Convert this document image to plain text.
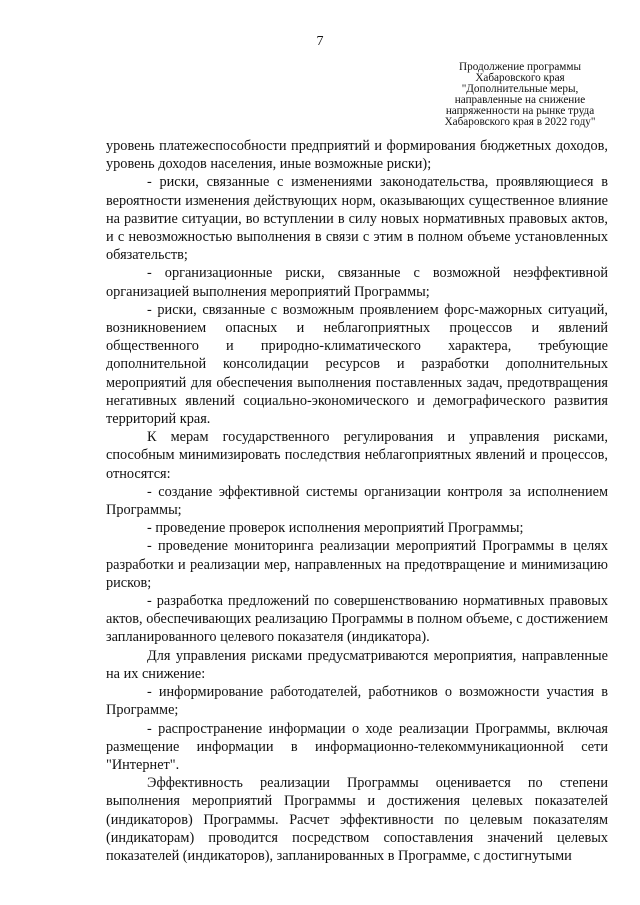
7
Продолжение программы
Хабаровского края
"Дополнительные меры,
направленные на снижение
напряженности на рынке труда
Хабаровского края в 2022 году"

уровень платежеспособности предприятий и формирования бюджетных доходов, уровень доходов населения, иные возможные риски);

- риски, связанные с изменениями законодательства, проявляющиеся в вероятности изменения действующих норм, оказывающих существенное влияние на развитие ситуации, во вступлении в силу новых нормативных правовых актов, и с невозможностью выполнения в связи с этим в полном объеме установленных обязательств;

- организационные риски, связанные с возможной неэффективной организацией выполнения мероприятий Программы;

- риски, связанные с возможным проявлением форс-мажорных ситуаций, возникновением опасных и неблагоприятных процессов и явлений общественного и природно-климатического характера, требующие дополнительной консолидации ресурсов и разработки дополнительных мероприятий для обеспечения выполнения поставленных задач, предотвращения негативных явлений социально-экономического и демографического развития территорий края.

К мерам государственного регулирования и управления рисками, способным минимизировать последствия неблагоприятных явлений и процессов, относятся:

- создание эффективной системы организации контроля за исполнением Программы;

- проведение проверок исполнения мероприятий Программы;

- проведение мониторинга реализации мероприятий Программы в целях разработки и реализации мер, направленных на предотвращение и минимизацию рисков;

- разработка предложений по совершенствованию нормативных правовых актов, обеспечивающих реализацию Программы в полном объеме, с достижением запланированного целевого показателя (индикатора).

Для управления рисками предусматриваются мероприятия, направленные на их снижение:

- информирование работодателей, работников о возможности участия в Программе;

- распространение информации о ходе реализации Программы, включая размещение информации в информационно-телекоммуникационной сети "Интернет".

Эффективность реализации Программы оценивается по степени выполнения мероприятий Программы и достижения целевых показателей (индикаторов) Программы. Расчет эффективности по целевым показателям (индикаторам) проводится посредством сопоставления значений целевых показателей (индикаторов), запланированных в Программе, с достигнутыми
